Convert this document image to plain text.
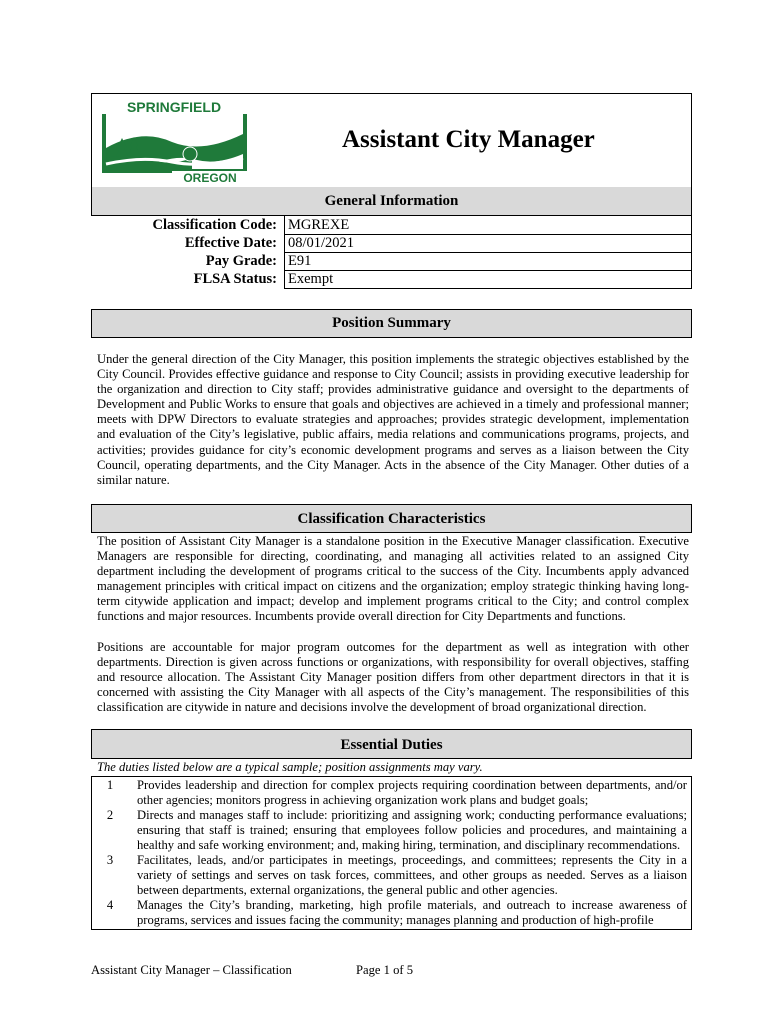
SPRINGFIELD
OREGON
Assistant City Manager
General Information
Classification Code: MGREXE
Effective Date: 08/01/2021
Pay Grade: E91
FLSA Status: Exempt
Position Summary
Under the general direction of the City Manager, this position implements the strategic objectives established by the City Council. Provides effective guidance and response to City Council; assists in providing executive leadership for the organization and direction to City staff; provides administrative guidance and oversight to the departments of Development and Public Works to ensure that goals and objectives are achieved in a timely and professional manner; meets with DPW Directors to evaluate strategies and approaches; provides strategic development, implementation and evaluation of the City’s legislative, public affairs, media relations and communications programs, projects, and activities; provides guidance for city’s economic development programs and serves as a liaison between the City Council, operating departments, and the City Manager. Acts in the absence of the City Manager. Other duties of a similar nature.
Classification Characteristics
The position of Assistant City Manager is a standalone position in the Executive Manager classification. Executive Managers are responsible for directing, coordinating, and managing all activities related to an assigned City department including the development of programs critical to the success of the City. Incumbents apply advanced management principles with critical impact on citizens and the organization; employ strategic thinking having long-term citywide application and impact; develop and implement programs critical to the City; and control complex functions and major resources. Incumbents provide overall direction for City Departments and functions.
Positions are accountable for major program outcomes for the department as well as integration with other departments. Direction is given across functions or organizations, with responsibility for overall objectives, staffing and resource allocation. The Assistant City Manager position differs from other department directors in that it is concerned with assisting the City Manager with all aspects of the City’s management. The responsibilities of this classification are citywide in nature and decisions involve the development of broad organizational direction.
Essential Duties
The duties listed below are a typical sample; position assignments may vary.
1	Provides leadership and direction for complex projects requiring coordination between departments, and/or other agencies; monitors progress in achieving organization work plans and budget goals;
2	Directs and manages staff to include: prioritizing and assigning work; conducting performance evaluations; ensuring that staff is trained; ensuring that employees follow policies and procedures, and maintaining a healthy and safe working environment; and, making hiring, termination, and disciplinary recommendations.
3	Facilitates, leads, and/or participates in meetings, proceedings, and committees; represents the City in a variety of settings and serves on task forces, committees, and other groups as needed. Serves as a liaison between departments, external organizations, the general public and other agencies.
4	Manages the City’s branding, marketing, high profile materials, and outreach to increase awareness of programs, services and issues facing the community; manages planning and production of high-profile
Assistant City Manager – Classification	Page 1 of 5
